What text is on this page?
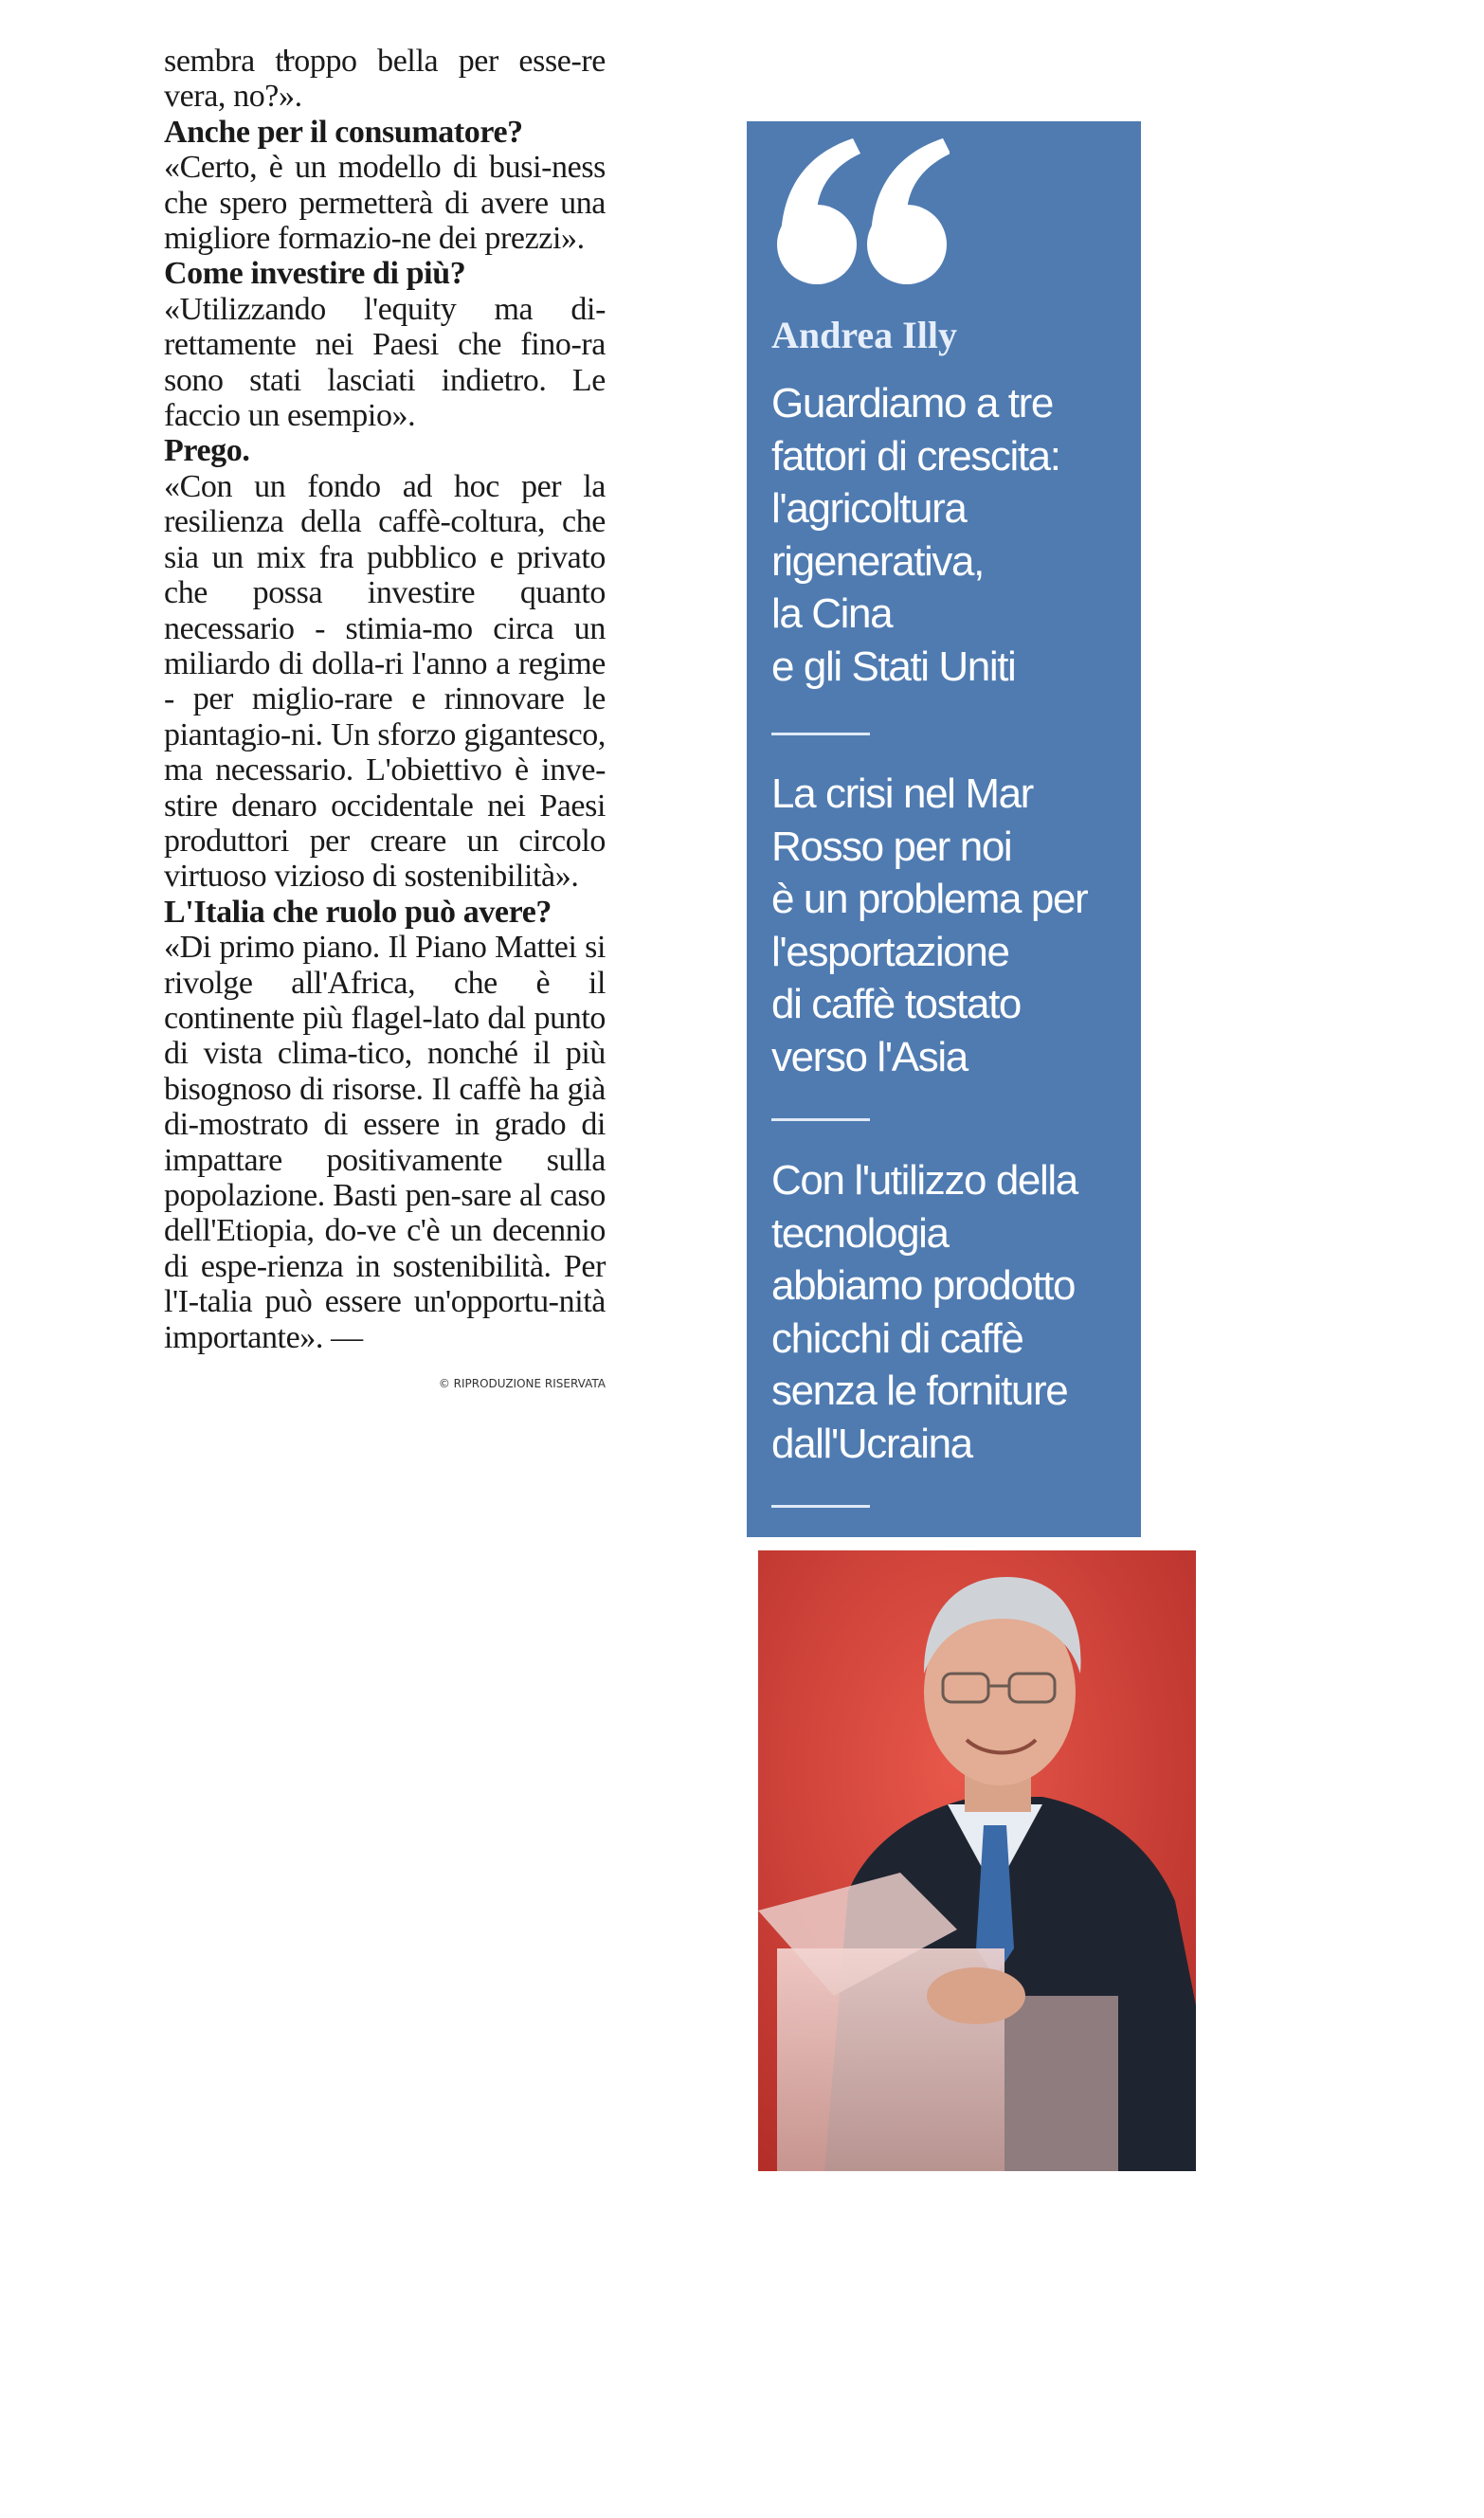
sembra troppo bella per esse-re vera, no?».

Anche per il consumatore?

«Certo, è un modello di busi-ness che spero permetterà di avere una migliore formazio-ne dei prezzi».

Come investire di più?

«Utilizzando l'equity ma di-rettamente nei Paesi che fino-ra sono stati lasciati indietro. Le faccio un esempio».

Prego.

«Con un fondo ad hoc per la resilienza della caffè-coltura, che sia un mix fra pubblico e privato che possa investire quanto necessario - stimia-mo circa un miliardo di dolla-ri l'anno a regime - per miglio-rare e rinnovare le piantagio-ni. Un sforzo gigantesco, ma necessario. L'obiettivo è inve-stire denaro occidentale nei Paesi produttori per creare un circolo virtuoso vizioso di sostenibilità».

L'Italia che ruolo può avere?

«Di primo piano. Il Piano Mattei si rivolge all'Africa, che è il continente più flagel-lato dal punto di vista clima-tico, nonché il più bisognoso di risorse. Il caffè ha già di-mostrato di essere in grado di impattare positivamente sulla popolazione. Basti pen-sare al caso dell'Etiopia, do-ve c'è un decennio di espe-rienza in sostenibilità. Per l'I-talia può essere un'opportu-nità importante». —

© RIPRODUZIONE RISERVATA
Andrea Illy
Guardiamo a tre
fattori di crescita:
l'agricoltura
rigenerativa,
la Cina
e gli Stati Uniti
La crisi nel Mar
Rosso per noi
è un problema per
l'esportazione
di caffè tostato
verso l'Asia
Con l'utilizzo della
tecnologia
abbiamo prodotto
chicchi di caffè
senza le forniture
dall'Ucraina
